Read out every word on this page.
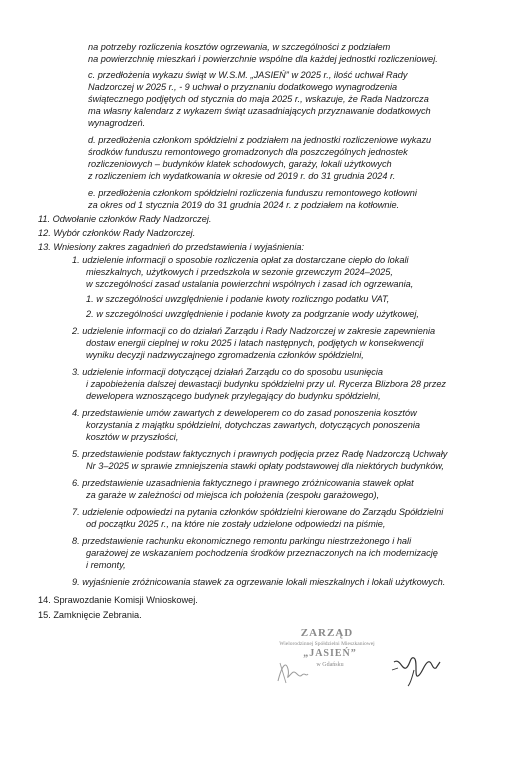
na potrzeby rozliczenia kosztów ogrzewania, w szczególności z podziałem
na powierzchnię mieszkań i powierzchnie wspólne dla każdej jednostki rozliczeniowej.
c. przedłożenia wykazu świąt w W.S.M. „JASIEŃ” w 2025 r., ilość uchwał Rady
Nadzorczej w 2025 r., - 9 uchwał o przyznaniu dodatkowego wynagrodzenia
świątecznego podjętych od stycznia do maja 2025 r., wskazuje, że Rada Nadzorcza
ma własny kalendarz z wykazem świąt uzasadniających przyznawanie dodatkowych
wynagrodzeń.
d. przedłożenia członkom spółdzielni z podziałem na jednostki rozliczeniowe wykazu
środków funduszu remontowego gromadzonych dla poszczególnych jednostek
rozliczeniowych – budynków klatek schodowych, garaży, lokali użytkowych
z rozliczeniem ich wydatkowania w okresie od 2019 r. do 31 grudnia 2024 r.
e. przedłożenia członkom spółdzielni rozliczenia funduszu remontowego kotłowni
za okres od 1 stycznia 2019 do 31 grudnia 2024 r. z podziałem na kotłownie.
11. Odwołanie członków Rady Nadzorczej.
12. Wybór członków Rady Nadzorczej.
13. Wniesiony zakres zagadnień do przedstawienia i wyjaśnienia:
1. udzielenie informacji o sposobie rozliczenia opłat za dostarczane ciepło do lokali
mieszkalnych, użytkowych i przedszkola w sezonie grzewczym 2024–2025,
w szczególności zasad ustalania powierzchni wspólnych i zasad ich ogrzewania,
1. w szczególności uwzględnienie i podanie kwoty rozliczngo podatku VAT,
2. w szczególności uwzględnienie i podanie kwoty za podgrzanie wody użytkowej,
2. udzielenie informacji co do działań Zarządu i Rady Nadzorczej w zakresie zapewnienia
dostaw energii cieplnej w roku 2025 i latach następnych, podjętych w konsekwencji
wyniku decyzji nadzwyczajnego zgromadzenia członków spółdzielni,
3. udzielenie informacji dotyczącej działań Zarządu co do sposobu usunięcia
i zapobieżenia dalszej dewastacji budynku spółdzielni przy ul. Rycerza Blizbora 28 przez
dewelopera wznoszącego budynek przylegający do budynku spółdzielni,
4. przedstawienie umów zawartych z deweloperem co do zasad ponoszenia kosztów
korzystania z majątku spółdzielni, dotychczas zawartych, dotyczących ponoszenia
kosztów w przyszłości,
5. przedstawienie podstaw faktycznych i prawnych podjęcia przez Radę Nadzorczą Uchwały
Nr 3–2025 w sprawie zmniejszenia stawki opłaty podstawowej dla niektórych budynków,
6. przedstawienie uzasadnienia faktycznego i prawnego zróżnicowania stawek opłat
za garaże w zależności od miejsca ich położenia (zespołu garażowego),
7. udzielenie odpowiedzi na pytania członków spółdzielni kierowane do Zarządu Spółdzielni
od początku 2025 r., na które nie zostały udzielone odpowiedzi na piśmie,
8. przedstawienie rachunku ekonomicznego remontu parkingu niestrzeżonego i hali
garażowej ze wskazaniem pochodzenia środków przeznaczonych na ich modernizację
i remonty,
9. wyjaśnienie zróżnicowania stawek za ogrzewanie lokali mieszkalnych i lokali użytkowych.
14. Sprawozdanie Komisji Wnioskowej.
15. Zamknięcie Zebrania.
ZARZĄD
Wielorodzinnej Spółdzielni Mieszkaniowej
„JASIEŃ”
w Gdańsku
